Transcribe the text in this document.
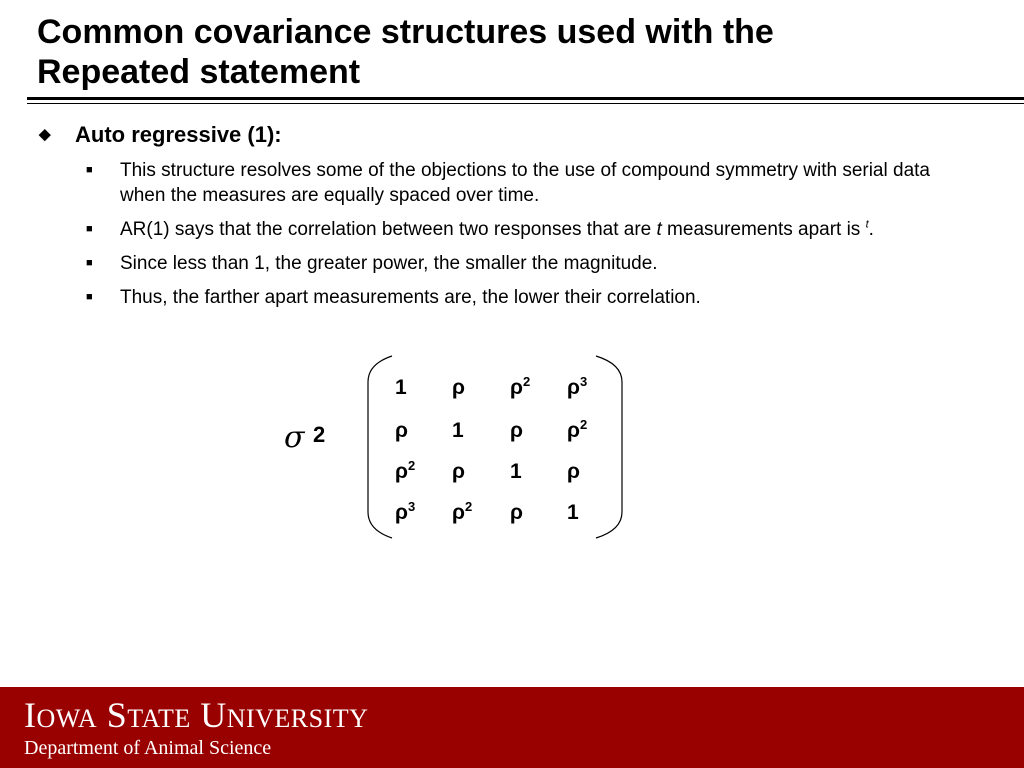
Common covariance structures used with the
Repeated statement
◆	Auto regressive (1):
■	This structure resolves some of the objections to the use of compound symmetry with serial data when the measures are equally spaced over time.
■	AR(1) says that the correlation between two responses that are t measurements apart is $^t$.
■	Since less than 1, the greater power, the smaller the magnitude.
■	Thus, the farther apart measurements are, the lower their correlation.
σ 2
1 ρ $\rho^2$ $\rho^3$
ρ 1 ρ $\rho^2$
$\rho^2$ ρ 1 ρ
$\rho^3$ $\rho^2$ ρ 1
IOWA STATE UNIVERSITY
Department of Animal Science
